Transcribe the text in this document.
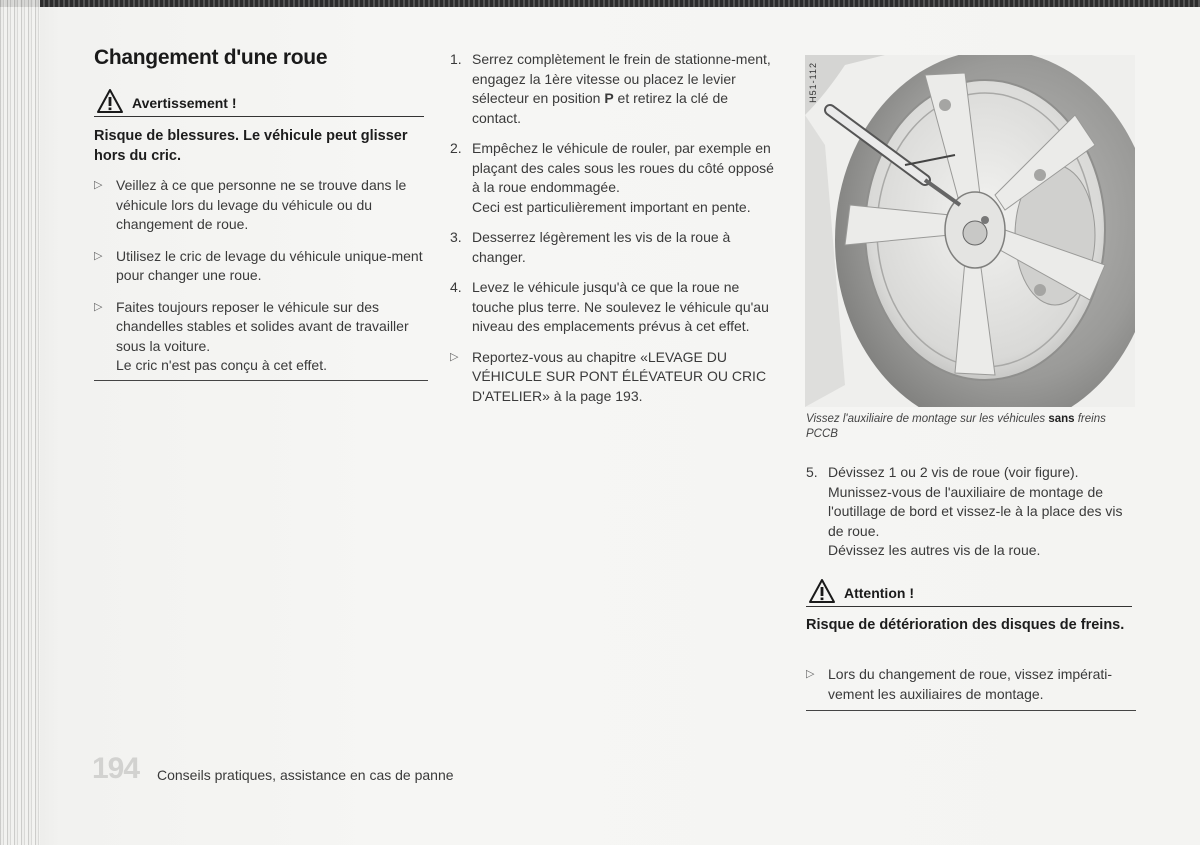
Changement d'une roue
Avertissement !
Risque de blessures. Le véhicule peut glisser hors du cric.
▷ Veillez à ce que personne ne se trouve dans le véhicule lors du levage du véhicule ou du changement de roue.
▷ Utilisez le cric de levage du véhicule unique-ment pour changer une roue.
▷ Faites toujours reposer le véhicule sur des chandelles stables et solides avant de travailler sous la voiture.
Le cric n'est pas conçu à cet effet.
1. Serrez complètement le frein de stationne-ment, engagez la 1ère vitesse ou placez le levier sélecteur en position P et retirez la clé de contact.
2. Empêchez le véhicule de rouler, par exemple en plaçant des cales sous les roues du côté opposé à la roue endommagée.
Ceci est particulièrement important en pente.
3. Desserrez légèrement les vis de la roue à changer.
4. Levez le véhicule jusqu'à ce que la roue ne touche plus terre. Ne soulevez le véhicule qu'au niveau des emplacements prévus à cet effet.
▷ Reportez-vous au chapitre «LEVAGE DU VÉHICULE SUR PONT ÉLÉVATEUR OU CRIC D'ATELIER» à la page 193.
H51-112
Vissez l'auxiliaire de montage sur les véhicules sans freins PCCB
5. Dévissez 1 ou 2 vis de roue (voir figure). Munissez-vous de l'auxiliaire de montage de l'outillage de bord et vissez-le à la place des vis de roue.
Dévissez les autres vis de la roue.
Attention !
Risque de détérioration des disques de freins.
▷ Lors du changement de roue, vissez impérati-vement les auxiliaires de montage.
194 Conseils pratiques, assistance en cas de panne
